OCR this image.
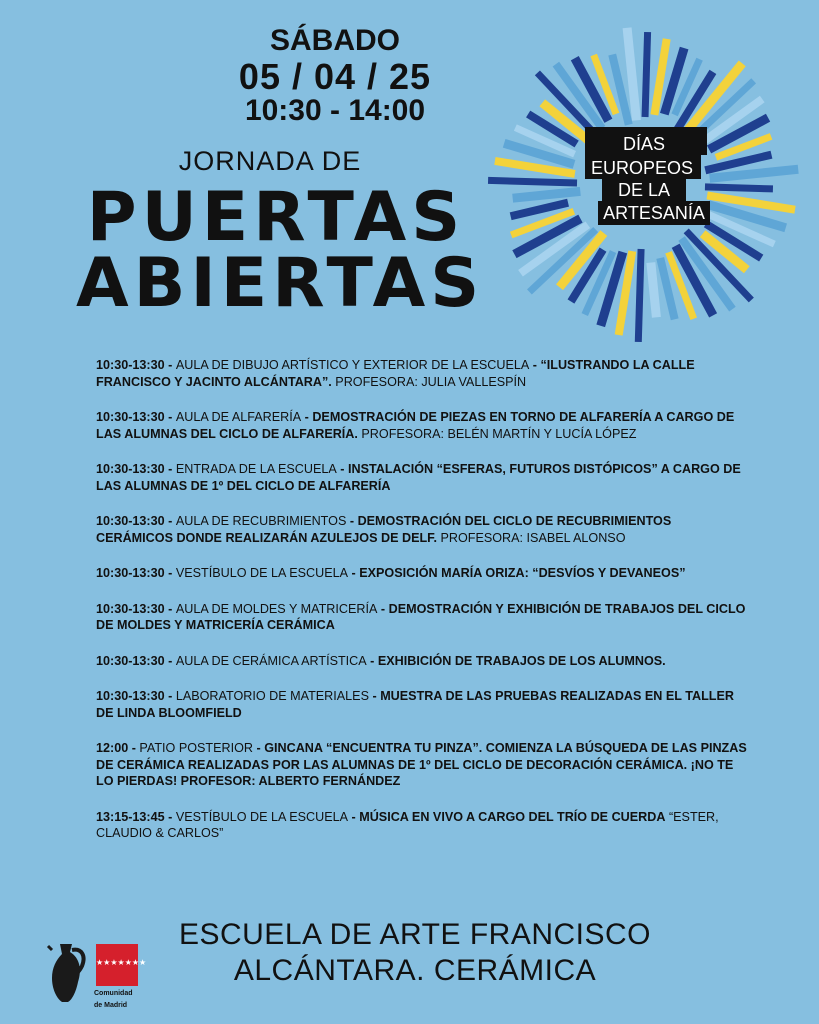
SÁBADO
05 / 04 / 25
10:30 - 14:00
JORNADA DE
PUERTAS
ABIERTAS
DÍAS
EUROPEOS
DE LA
ARTESANÍA
10:30-13:30 - AULA DE DIBUJO ARTÍSTICO Y EXTERIOR DE LA ESCUELA - “ILUSTRANDO LA CALLE FRANCISCO Y JACINTO ALCÁNTARA”. PROFESORA: JULIA VALLESPÍN
10:30-13:30 - AULA DE ALFARERÍA - DEMOSTRACIÓN DE PIEZAS EN TORNO DE ALFARERÍA A CARGO DE LAS ALUMNAS DEL CICLO DE ALFARERÍA. PROFESORA: BELÉN MARTÍN Y LUCÍA LÓPEZ
10:30-13:30 - ENTRADA DE LA ESCUELA - INSTALACIÓN “ESFERAS, FUTUROS DISTÓPICOS” A CARGO DE LAS ALUMNAS DE 1º DEL CICLO DE ALFARERÍA
10:30-13:30 - AULA DE RECUBRIMIENTOS - DEMOSTRACIÓN DEL CICLO DE RECUBRIMIENTOS CERÁMICOS DONDE REALIZARÁN AZULEJOS DE DELF. PROFESORA: ISABEL ALONSO
10:30-13:30 - VESTÍBULO DE LA ESCUELA - EXPOSICIÓN MARÍA ORIZA: “DESVÍOS Y DEVANEOS”
10:30-13:30 - AULA DE MOLDES Y MATRICERÍA - DEMOSTRACIÓN Y EXHIBICIÓN DE TRABAJOS DEL CICLO DE MOLDES Y MATRICERÍA CERÁMICA
10:30-13:30 - AULA DE CERÁMICA ARTÍSTICA - EXHIBICIÓN DE TRABAJOS DE LOS ALUMNOS.
10:30-13:30 - LABORATORIO DE MATERIALES - MUESTRA DE LAS PRUEBAS REALIZADAS EN EL TALLER DE LINDA BLOOMFIELD
12:00 - PATIO POSTERIOR - GINCANA “ENCUENTRA TU PINZA”. COMIENZA LA BÚSQUEDA DE LAS PINZAS DE CERÁMICA REALIZADAS POR LAS ALUMNAS DE 1º DEL CICLO DE DECORACIÓN CERÁMICA. ¡NO TE LO PIERDAS! PROFESOR: ALBERTO FERNÁNDEZ
13:15-13:45 - VESTÍBULO DE LA ESCUELA - MÚSICA EN VIVO A CARGO DEL TRÍO DE CUERDA “ESTER, CLAUDIO & CARLOS”
ESCUELA DE ARTE FRANCISCO
ALCÁNTARA. CERÁMICA
★★★★★★★
Comunidad
de Madrid
